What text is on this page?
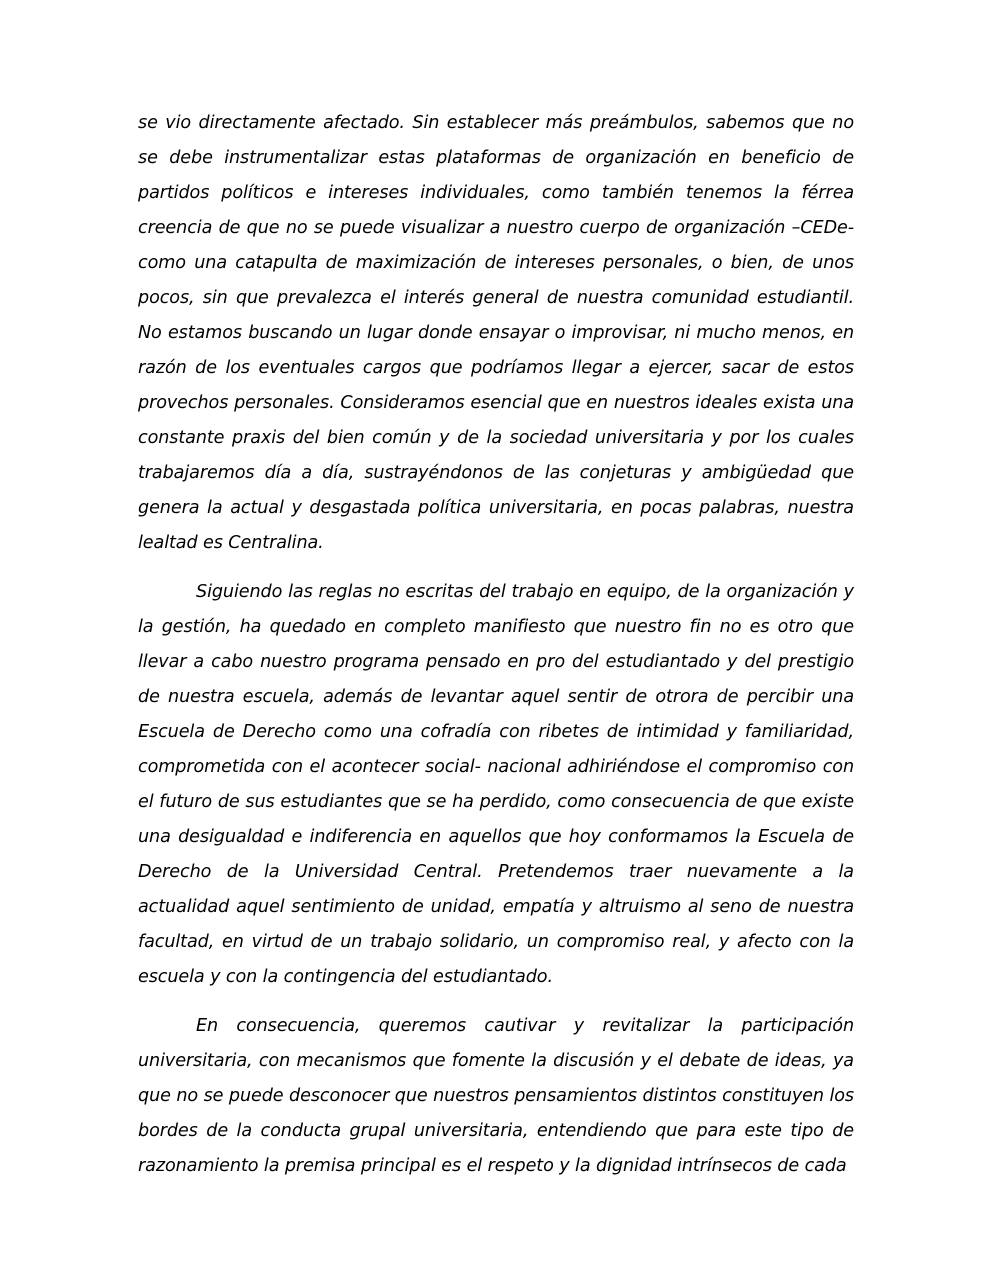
se vio directamente afectado. Sin establecer más preámbulos, sabemos que no se debe instrumentalizar estas plataformas de organización en beneficio de partidos políticos e intereses individuales, como también tenemos la férrea creencia de que no se puede visualizar a nuestro cuerpo de organización –CEDe- como una catapulta de maximización de intereses personales, o bien, de unos pocos, sin que prevalezca el interés general de nuestra comunidad estudiantil. No estamos buscando un lugar donde ensayar o improvisar, ni mucho menos, en razón de los eventuales cargos que podríamos llegar a ejercer, sacar de estos provechos personales. Consideramos esencial que en nuestros ideales exista una constante praxis del bien común y de la sociedad universitaria y por los cuales trabajaremos día a día, sustrayéndonos de las conjeturas y ambigüedad que genera la actual y desgastada política universitaria, en pocas palabras, nuestra lealtad es Centralina.

Siguiendo las reglas no escritas del trabajo en equipo, de la organización y la gestión, ha quedado en completo manifiesto que nuestro fin no es otro que llevar a cabo nuestro programa pensado en pro del estudiantado y del prestigio de nuestra escuela, además de levantar aquel sentir de otrora de percibir una Escuela de Derecho como una cofradía con ribetes de intimidad y familiaridad, comprometida con el acontecer social- nacional adhiriéndose el compromiso con el futuro de sus estudiantes que se ha perdido, como consecuencia de que existe una desigualdad e indiferencia en aquellos que hoy conformamos la Escuela de Derecho de la Universidad Central. Pretendemos traer nuevamente a la actualidad aquel sentimiento de unidad, empatía y altruismo al seno de nuestra facultad, en virtud de un trabajo solidario, un compromiso real, y afecto con la escuela y con la contingencia del estudiantado.

En consecuencia, queremos cautivar y revitalizar la participación universitaria, con mecanismos que fomente la discusión y el debate de ideas, ya que no se puede desconocer que nuestros pensamientos distintos constituyen los bordes de la conducta grupal universitaria, entendiendo que para este tipo de razonamiento la premisa principal es el respeto y la dignidad intrínsecos de cada
